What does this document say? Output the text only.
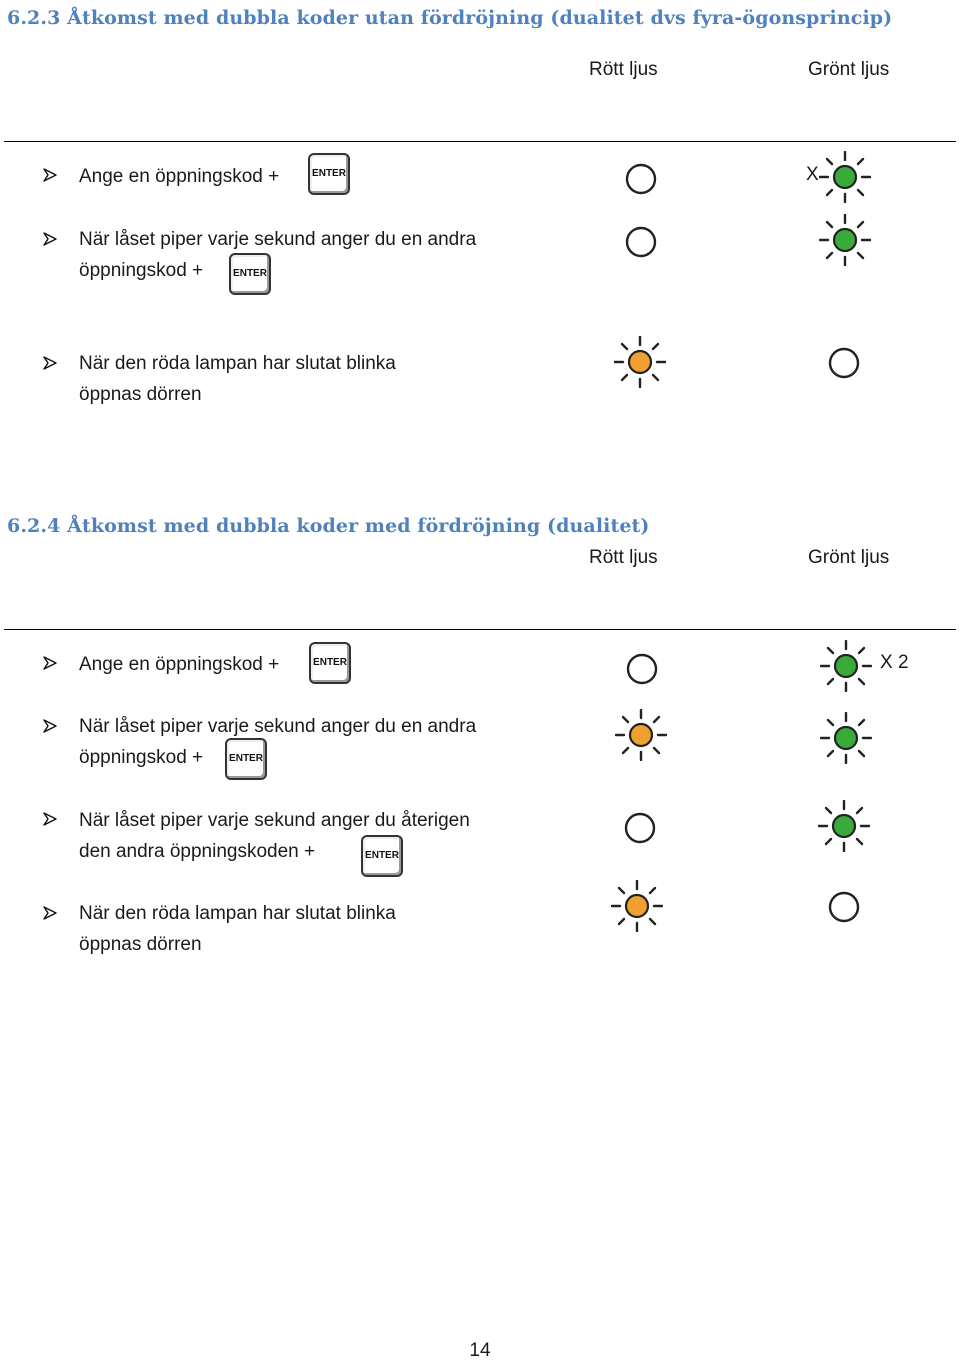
6.2.3 Åtkomst med dubbla koder utan fördröjning (dualitet dvs fyra-ögonsprincip)
Rött ljus	Grönt ljus
Ange en öppningskod +	ENTER	X
När låset piper varje sekund anger du en andra
öppningskod +	ENTER
När den röda lampan har slutat blinka
öppnas dörren
6.2.4 Åtkomst med dubbla koder med fördröjning (dualitet)
Rött ljus	Grönt ljus
Ange en öppningskod +	ENTER	X 2
När låset piper varje sekund anger du en andra
öppningskod +	ENTER
När låset piper varje sekund anger du återigen
den andra öppningskoden +	ENTER
När den röda lampan har slutat blinka
öppnas dörren
14
